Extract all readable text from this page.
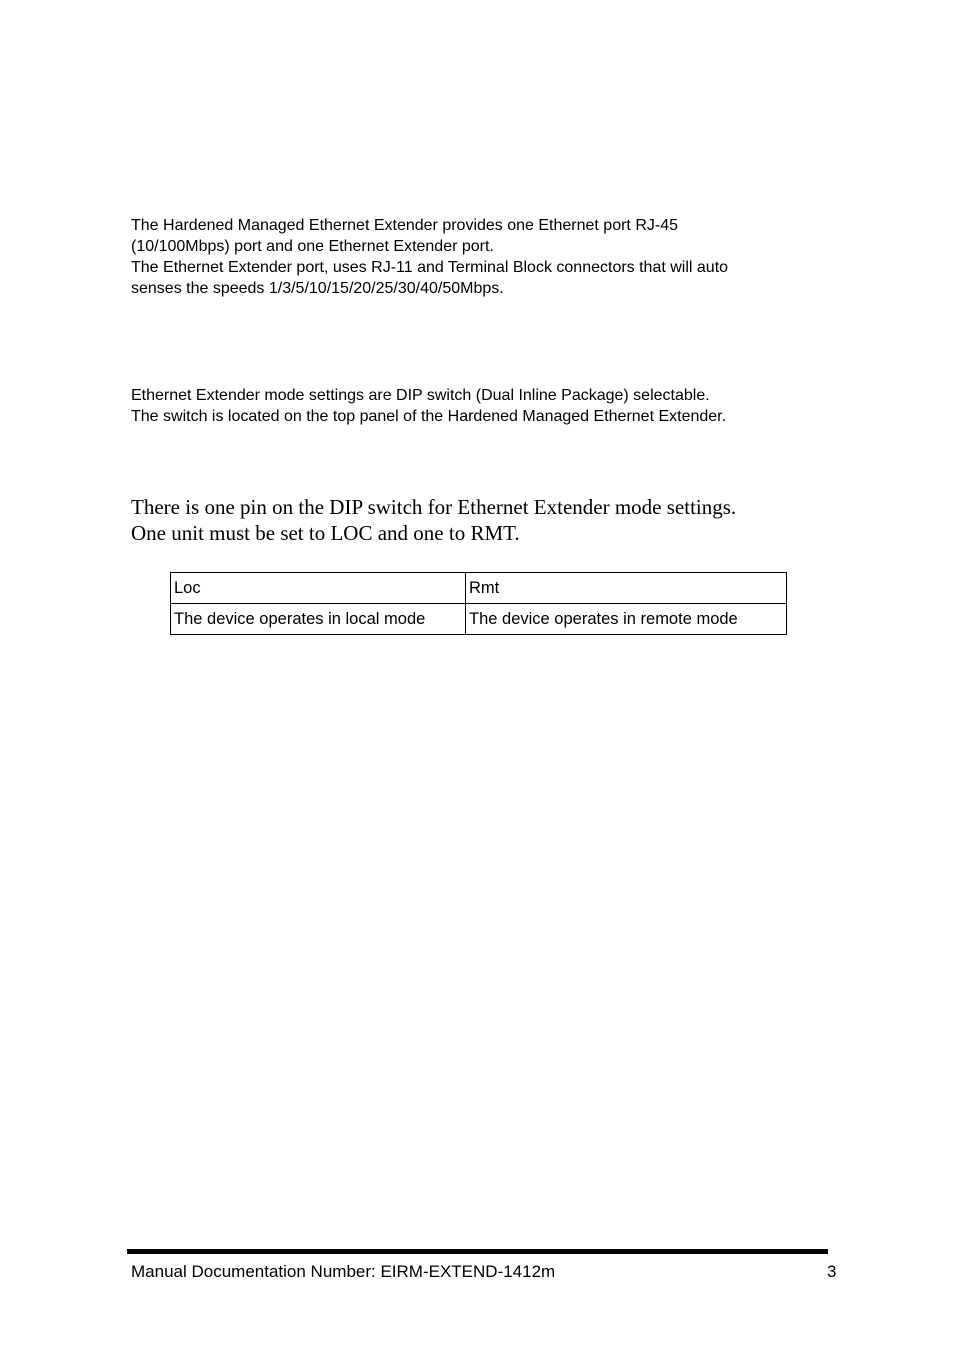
The Hardened Managed Ethernet Extender provides one Ethernet port RJ-45
(10/100Mbps) port and one Ethernet Extender port.
The Ethernet Extender port, uses RJ-11 and Terminal Block connectors that will auto
senses the speeds 1/3/5/10/15/20/25/30/40/50Mbps.
Ethernet Extender mode settings are DIP switch (Dual Inline Package) selectable.
The switch is located on the top panel of the Hardened Managed Ethernet Extender.
There is one pin on the DIP switch for Ethernet Extender mode settings.
One unit must be set to LOC and one to RMT.
Loc	Rmt
The device operates in local mode	The device operates in remote mode
Manual Documentation Number: EIRM-EXTEND-1412m	3
